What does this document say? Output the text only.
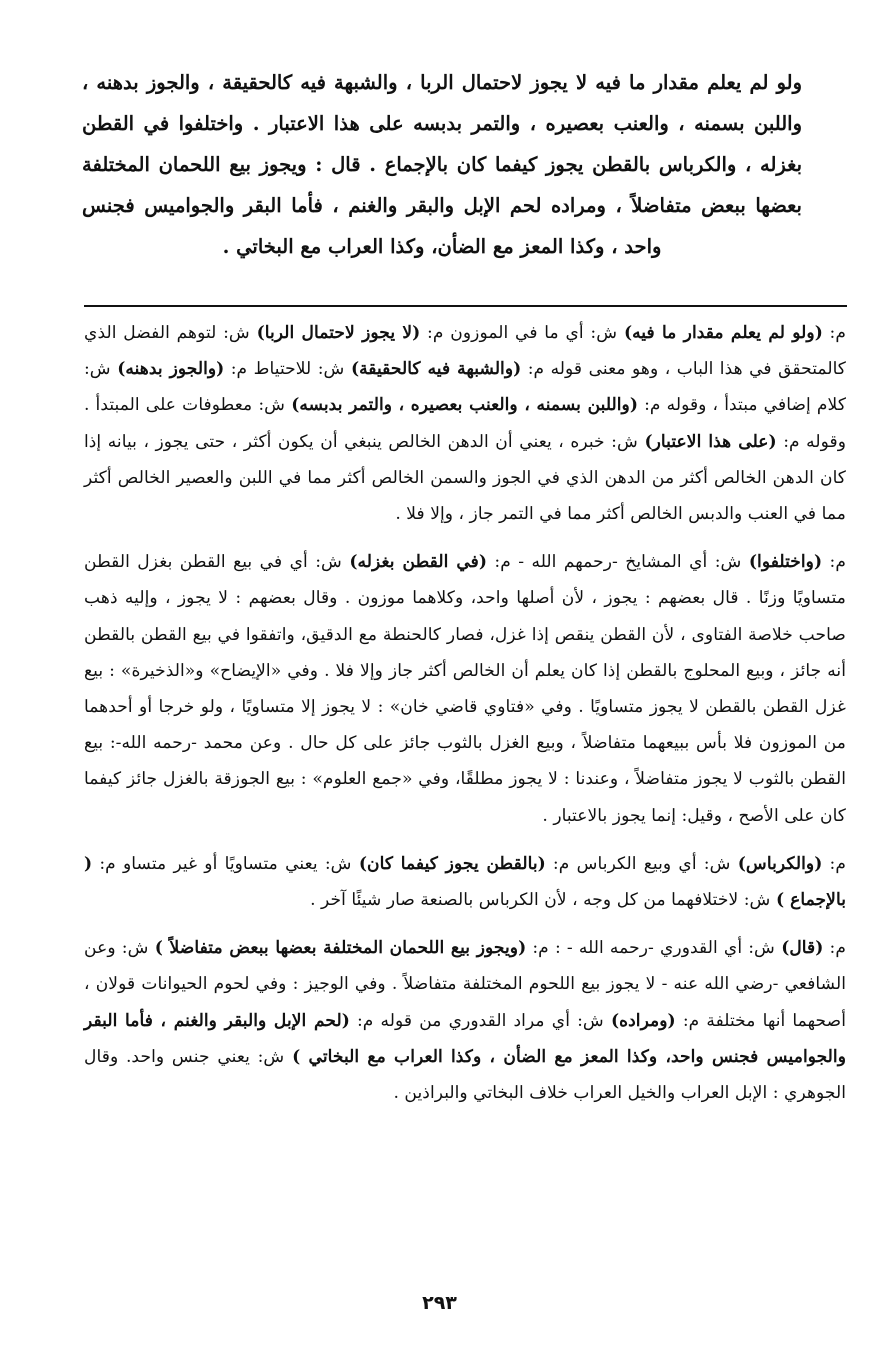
ولو لم يعلم مقدار ما فيه لا يجوز لاحتمال الربا ، والشبهة فيه كالحقيقة ، والجوز بدهنه ، واللبن بسمنه ، والعنب بعصيره ، والتمر بدبسه على هذا الاعتبار . واختلفوا في القطن بغزله ، والكرباس بالقطن يجوز كيفما كان بالإجماع . قال : ويجوز بيع اللحمان المختلفة بعضها ببعض متفاضلاً ، ومراده لحم الإبل والبقر والغنم ، فأما البقر والجواميس فجنس واحد ، وكذا المعز مع الضأن، وكذا العراب مع البخاتي .

م: (ولو لم يعلم مقدار ما فيه) ش: أي ما في الموزون م: (لا يجوز لاحتمال الربا) ش: لتوهم الفضل الذي كالمتحقق في هذا الباب ، وهو معنى قوله م: (والشبهة فيه كالحقيقة) ش: للاحتياط م: (والجوز بدهنه) ش: كلام إضافي مبتدأ ، وقوله م: (واللبن بسمنه ، والعنب بعصيره ، والتمر بدبسه) ش: معطوفات على المبتدأ . وقوله م: (على هذا الاعتبار) ش: خبره ، يعني أن الدهن الخالص ينبغي أن يكون أكثر ، حتى يجوز ، بيانه إذا كان الدهن الخالص أكثر من الدهن الذي في الجوز والسمن الخالص أكثر مما في اللبن والعصير الخالص أكثر مما في العنب والدبس الخالص أكثر مما في التمر جاز ، وإلا فلا .

م: (واختلفوا) ش: أي المشايخ -رحمهم الله - م: (في القطن بغزله) ش: أي في بيع القطن بغزل القطن متساويًا وزنًا . قال بعضهم : يجوز ، لأن أصلها واحد، وكلاهما موزون . وقال بعضهم : لا يجوز ، وإليه ذهب صاحب خلاصة الفتاوى ، لأن القطن ينقص إذا غزل، فصار كالحنطة مع الدقيق، واتفقوا في بيع القطن بالقطن أنه جائز ، وبيع المحلوج بالقطن إذا كان يعلم أن الخالص أكثر جاز وإلا فلا . وفي «الإيضاح» و«الذخيرة» : بيع غزل القطن بالقطن لا يجوز متساويًا . وفي «فتاوي قاضي خان» : لا يجوز إلا متساويًا ، ولو خرجا أو أحدهما من الموزون فلا بأس ببيعهما متفاضلاً ، وبيع الغزل بالثوب جائز على كل حال . وعن محمد -رحمه الله-: بيع القطن بالثوب لا يجوز متفاضلاً ، وعندنا : لا يجوز مطلقًا، وفي «جمع العلوم» : بيع الجوزقة بالغزل جائز كيفما كان على الأصح ، وقيل: إنما يجوز بالاعتبار .

م: (والكرباس) ش: أي وبيع الكرباس م: (بالقطن يجوز كيفما كان) ش: يعني متساويًا أو غير متساو م: ( بالإجماع ) ش: لاختلافهما من كل وجه ، لأن الكرباس بالصنعة صار شيئًا آخر .

م: (قال) ش: أي القدوري -رحمه الله - : م: (ويجوز بيع اللحمان المختلفة بعضها ببعض متفاضلاً ) ش: وعن الشافعي -رضي الله عنه - لا يجوز بيع اللحوم المختلفة متفاضلاً . وفي الوجيز : وفي لحوم الحيوانات قولان ، أصحهما أنها مختلفة م: (ومراده) ش: أي مراد القدوري من قوله م: (لحم الإبل والبقر والغنم ، فأما البقر والجواميس فجنس واحد، وكذا المعز مع الضأن ، وكذا العراب مع البخاتي ) ش: يعني جنس واحد. وقال الجوهري : الإبل العراب والخيل العراب خلاف البخاتي والبراذين .

٢٩٣
